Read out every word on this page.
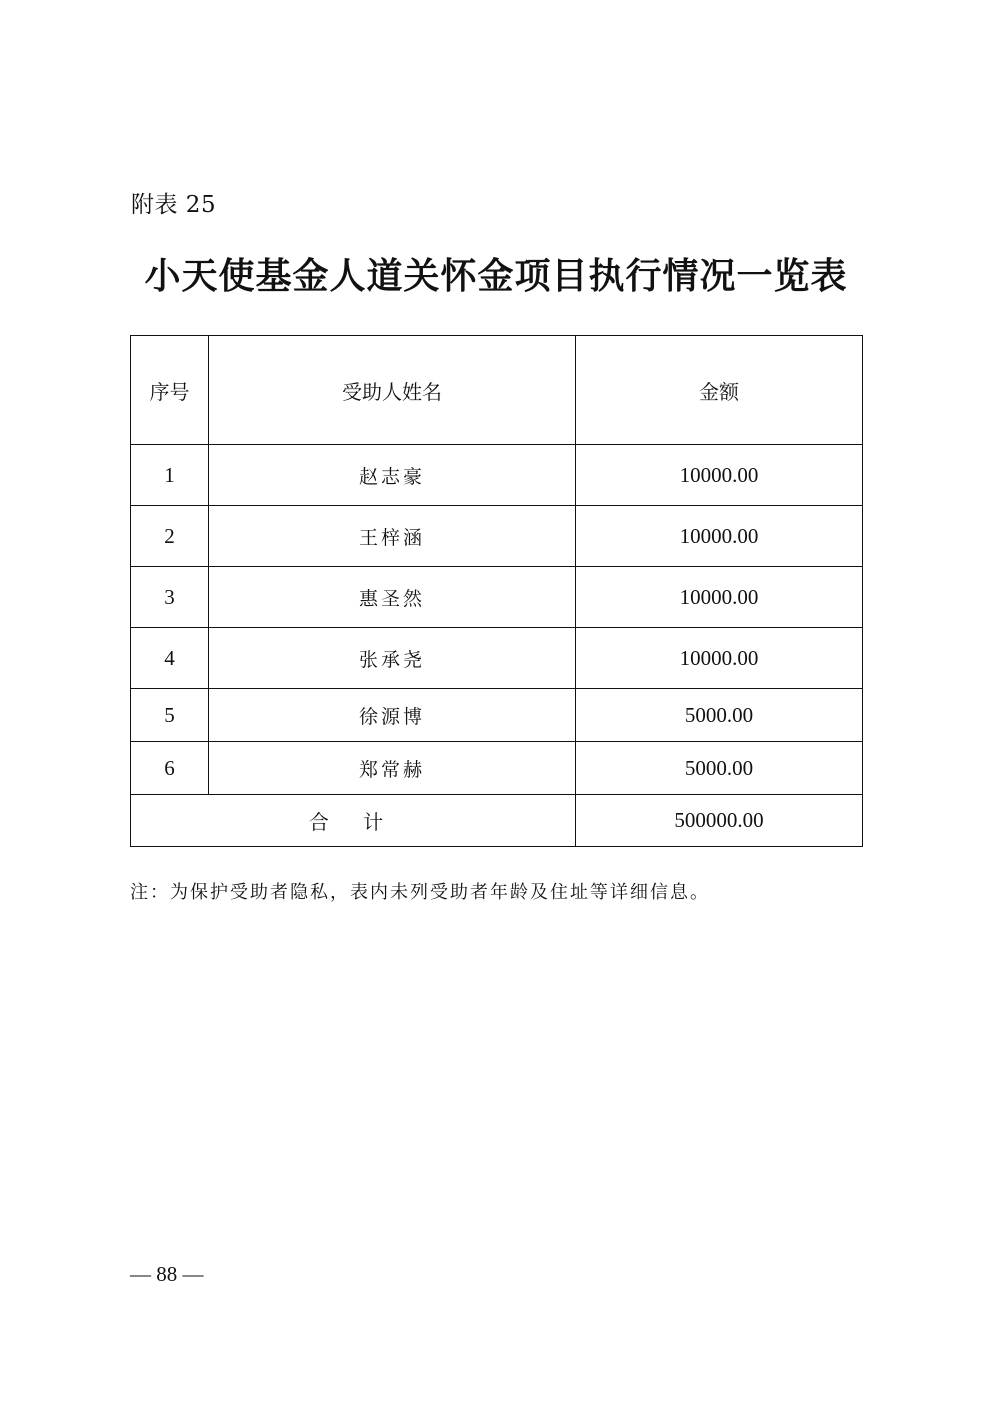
附表 25
小天使基金人道关怀金项目执行情况一览表
序号	受助人姓名	金额
1	赵志豪	10000.00
2	王梓涵	10000.00
3	惠圣然	10000.00
4	张承尧	10000.00
5	徐源博	5000.00
6	郑常赫	5000.00
合 计		500000.00
注：为保护受助者隐私，表内未列受助者年龄及住址等详细信息。
— 88 —
